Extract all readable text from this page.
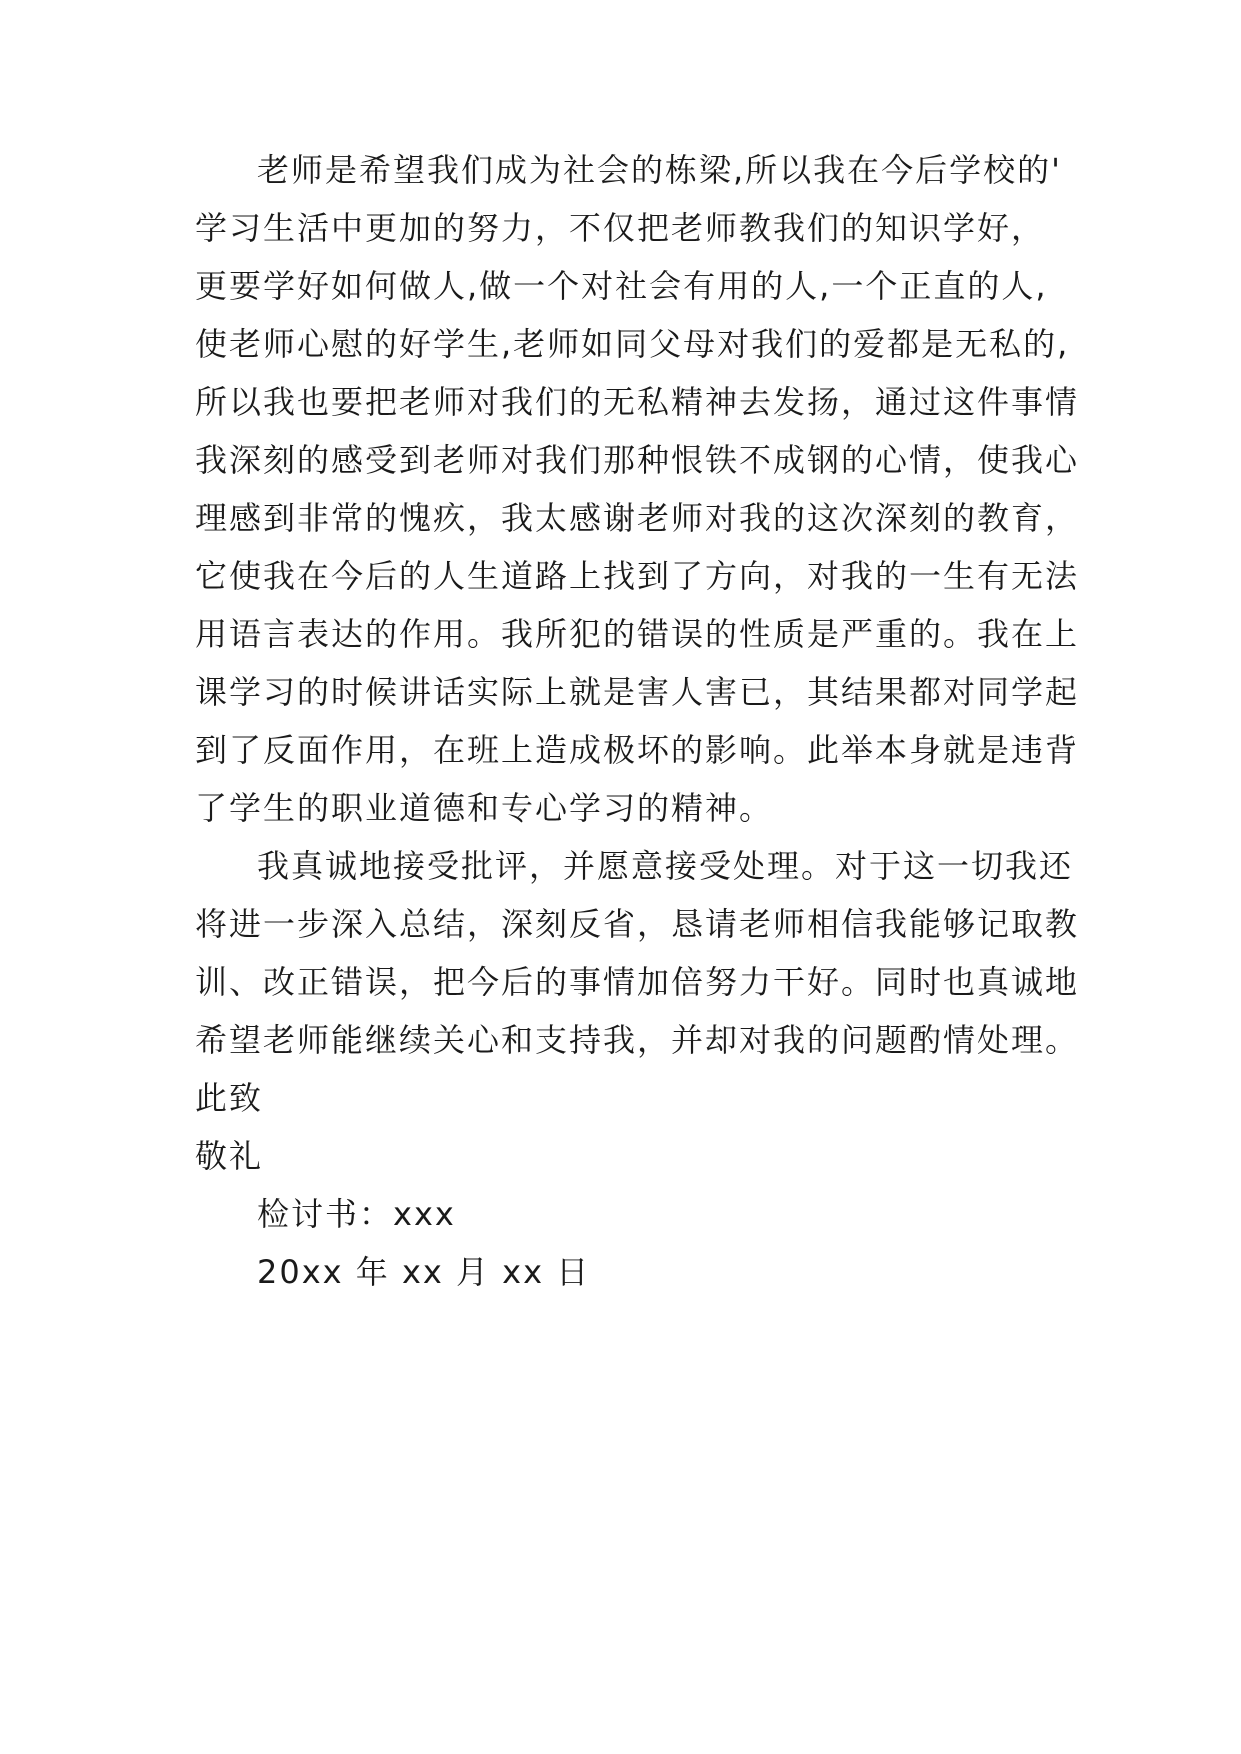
老师是希望我们成为社会的栋梁,所以我在今后学校的'
学习生活中更加的努力，不仅把老师教我们的知识学好，
更要学好如何做人,做一个对社会有用的人,一个正直的人,
使老师心慰的好学生,老师如同父母对我们的爱都是无私的,
所以我也要把老师对我们的无私精神去发扬，通过这件事情
我深刻的感受到老师对我们那种恨铁不成钢的心情，使我心
理感到非常的愧疚，我太感谢老师对我的这次深刻的教育，
它使我在今后的人生道路上找到了方向，对我的一生有无法
用语言表达的作用。我所犯的错误的性质是严重的。我在上
课学习的时候讲话实际上就是害人害已，其结果都对同学起
到了反面作用，在班上造成极坏的影响。此举本身就是违背
了学生的职业道德和专心学习的精神。
我真诚地接受批评，并愿意接受处理。对于这一切我还
将进一步深入总结，深刻反省，恳请老师相信我能够记取教
训、改正错误，把今后的事情加倍努力干好。同时也真诚地
希望老师能继续关心和支持我，并却对我的问题酌情处理。
此致
敬礼
检讨书：xxx
20xx 年 xx 月 xx 日
